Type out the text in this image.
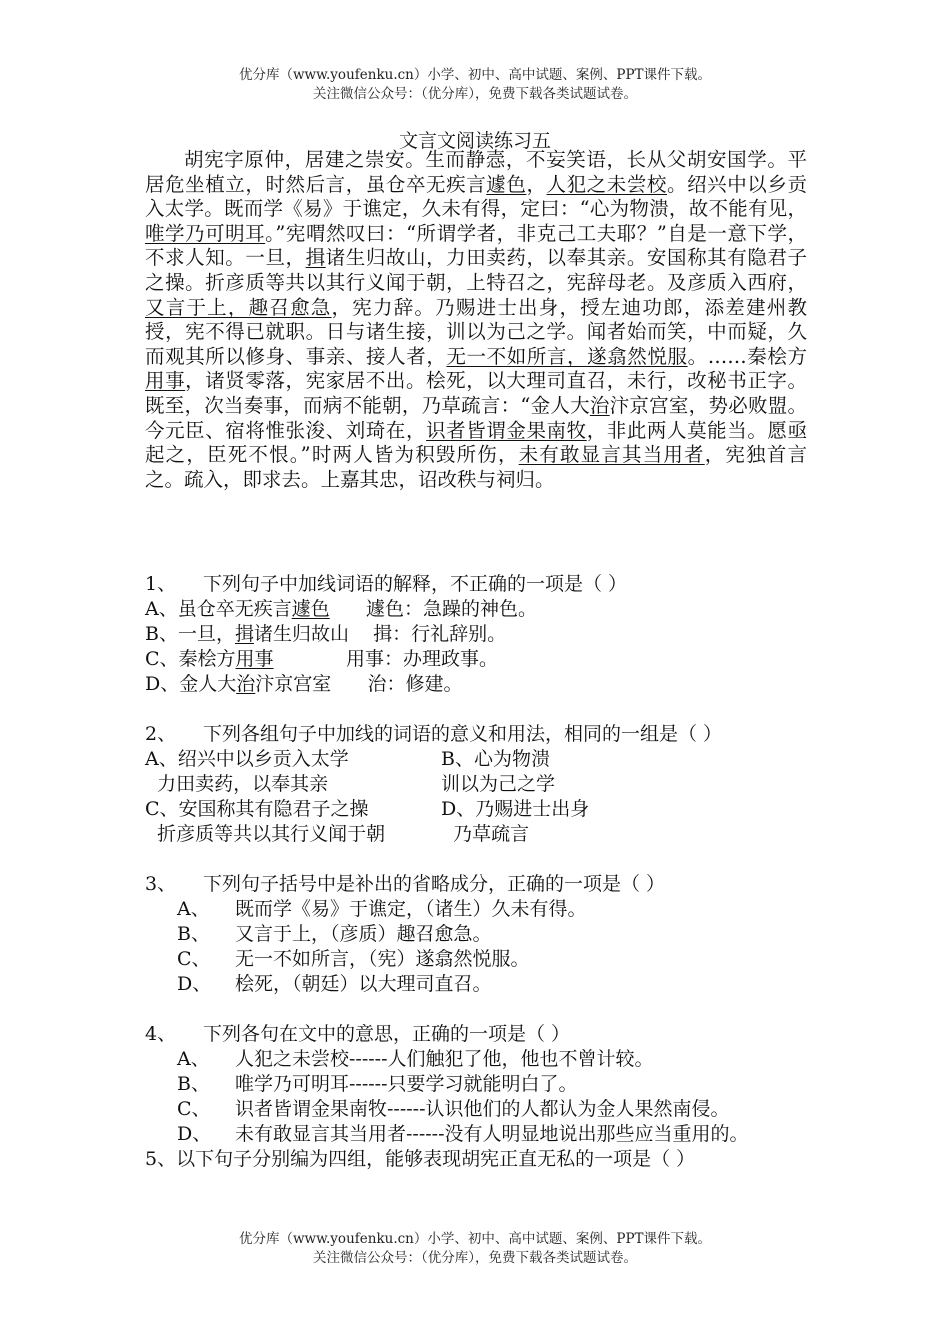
优分库（www.youfenku.cn）小学、初中、高中试题、案例、PPT课件下载。
关注微信公众号：（优分库），免费下载各类试题试卷。
文言文阅读练习五

胡宪字原仲，居建之崇安。生而静悫，不妄笑语，长从父胡安国学。平居危坐植立，时然后言，虽仓卒无疾言遽色，人犯之未尝校。绍兴中以乡贡入太学。既而学《易》于谯定，久未有得，定曰：“心为物溃，故不能有见，唯学乃可明耳。”宪喟然叹曰：“所谓学者，非克己工夫耶？”自是一意下学，不求人知。一旦，揖诸生归故山，力田卖药，以奉其亲。安国称其有隐君子之操。折彦质等共以其行义闻于朝，上特召之，宪辞母老。及彦质入西府，又言于上，趣召愈急，宪力辞。乃赐进士出身，授左迪功郎，添差建州教授，宪不得已就职。日与诸生接，训以为己之学。闻者始而笑，中而疑，久而观其所以修身、事亲、接人者，无一不如所言，遂翕然悦服。……秦桧方用事，诸贤零落，宪家居不出。桧死，以大理司直召，未行，改秘书正字。既至，次当奏事，而病不能朝，乃草疏言：“金人大治汴京宫室，势必败盟。今元臣、宿将惟张浚、刘琦在，识者皆谓金果南牧，非此两人莫能当。愿亟起之，臣死不恨。”时两人皆为积毁所伤，未有敢显言其当用者，宪独首言之。疏入，即求去。上嘉其忠，诏改秩与祠归。

1、	下列句子中加线词语的解释，不正确的一项是（ ）
A、虽仓卒无疾言遽色      遽色：急躁的神色。
B、一旦，揖诸生归故山    揖：行礼辞别。
C、秦桧方用事            用事：办理政事。
D、金人大治汴京宫室      治：修建。
2、	下列各组句子中加线的词语的意义和用法，相同的一组是（ ）
A、绍兴中以乡贡入太学	B、心为物溃
力田卖药，以奉其亲	训以为己之学
C、安国称其有隐君子之操	D、乃赐进士出身
折彦质等共以其行义闻于朝	乃草疏言
3、	下列句子括号中是补出的省略成分，正确的一项是（ ）
A、	既而学《易》于谯定，（诸生）久未有得。
B、	又言于上，（彦质）趣召愈急。
C、	无一不如所言，（宪）遂翕然悦服。
D、	桧死，（朝廷）以大理司直召。
4、	下列各句在文中的意思，正确的一项是（ ）
A、	人犯之未尝校------人们触犯了他，他也不曾计较。
B、	唯学乃可明耳------只要学习就能明白了。
C、	识者皆谓金果南牧------认识他们的人都认为金人果然南侵。
D、	未有敢显言其当用者------没有人明显地说出那些应当重用的。
5、以下句子分别编为四组，能够表现胡宪正直无私的一项是（ ）
优分库（www.youfenku.cn）小学、初中、高中试题、案例、PPT课件下载。
关注微信公众号：（优分库），免费下载各类试题试卷。
